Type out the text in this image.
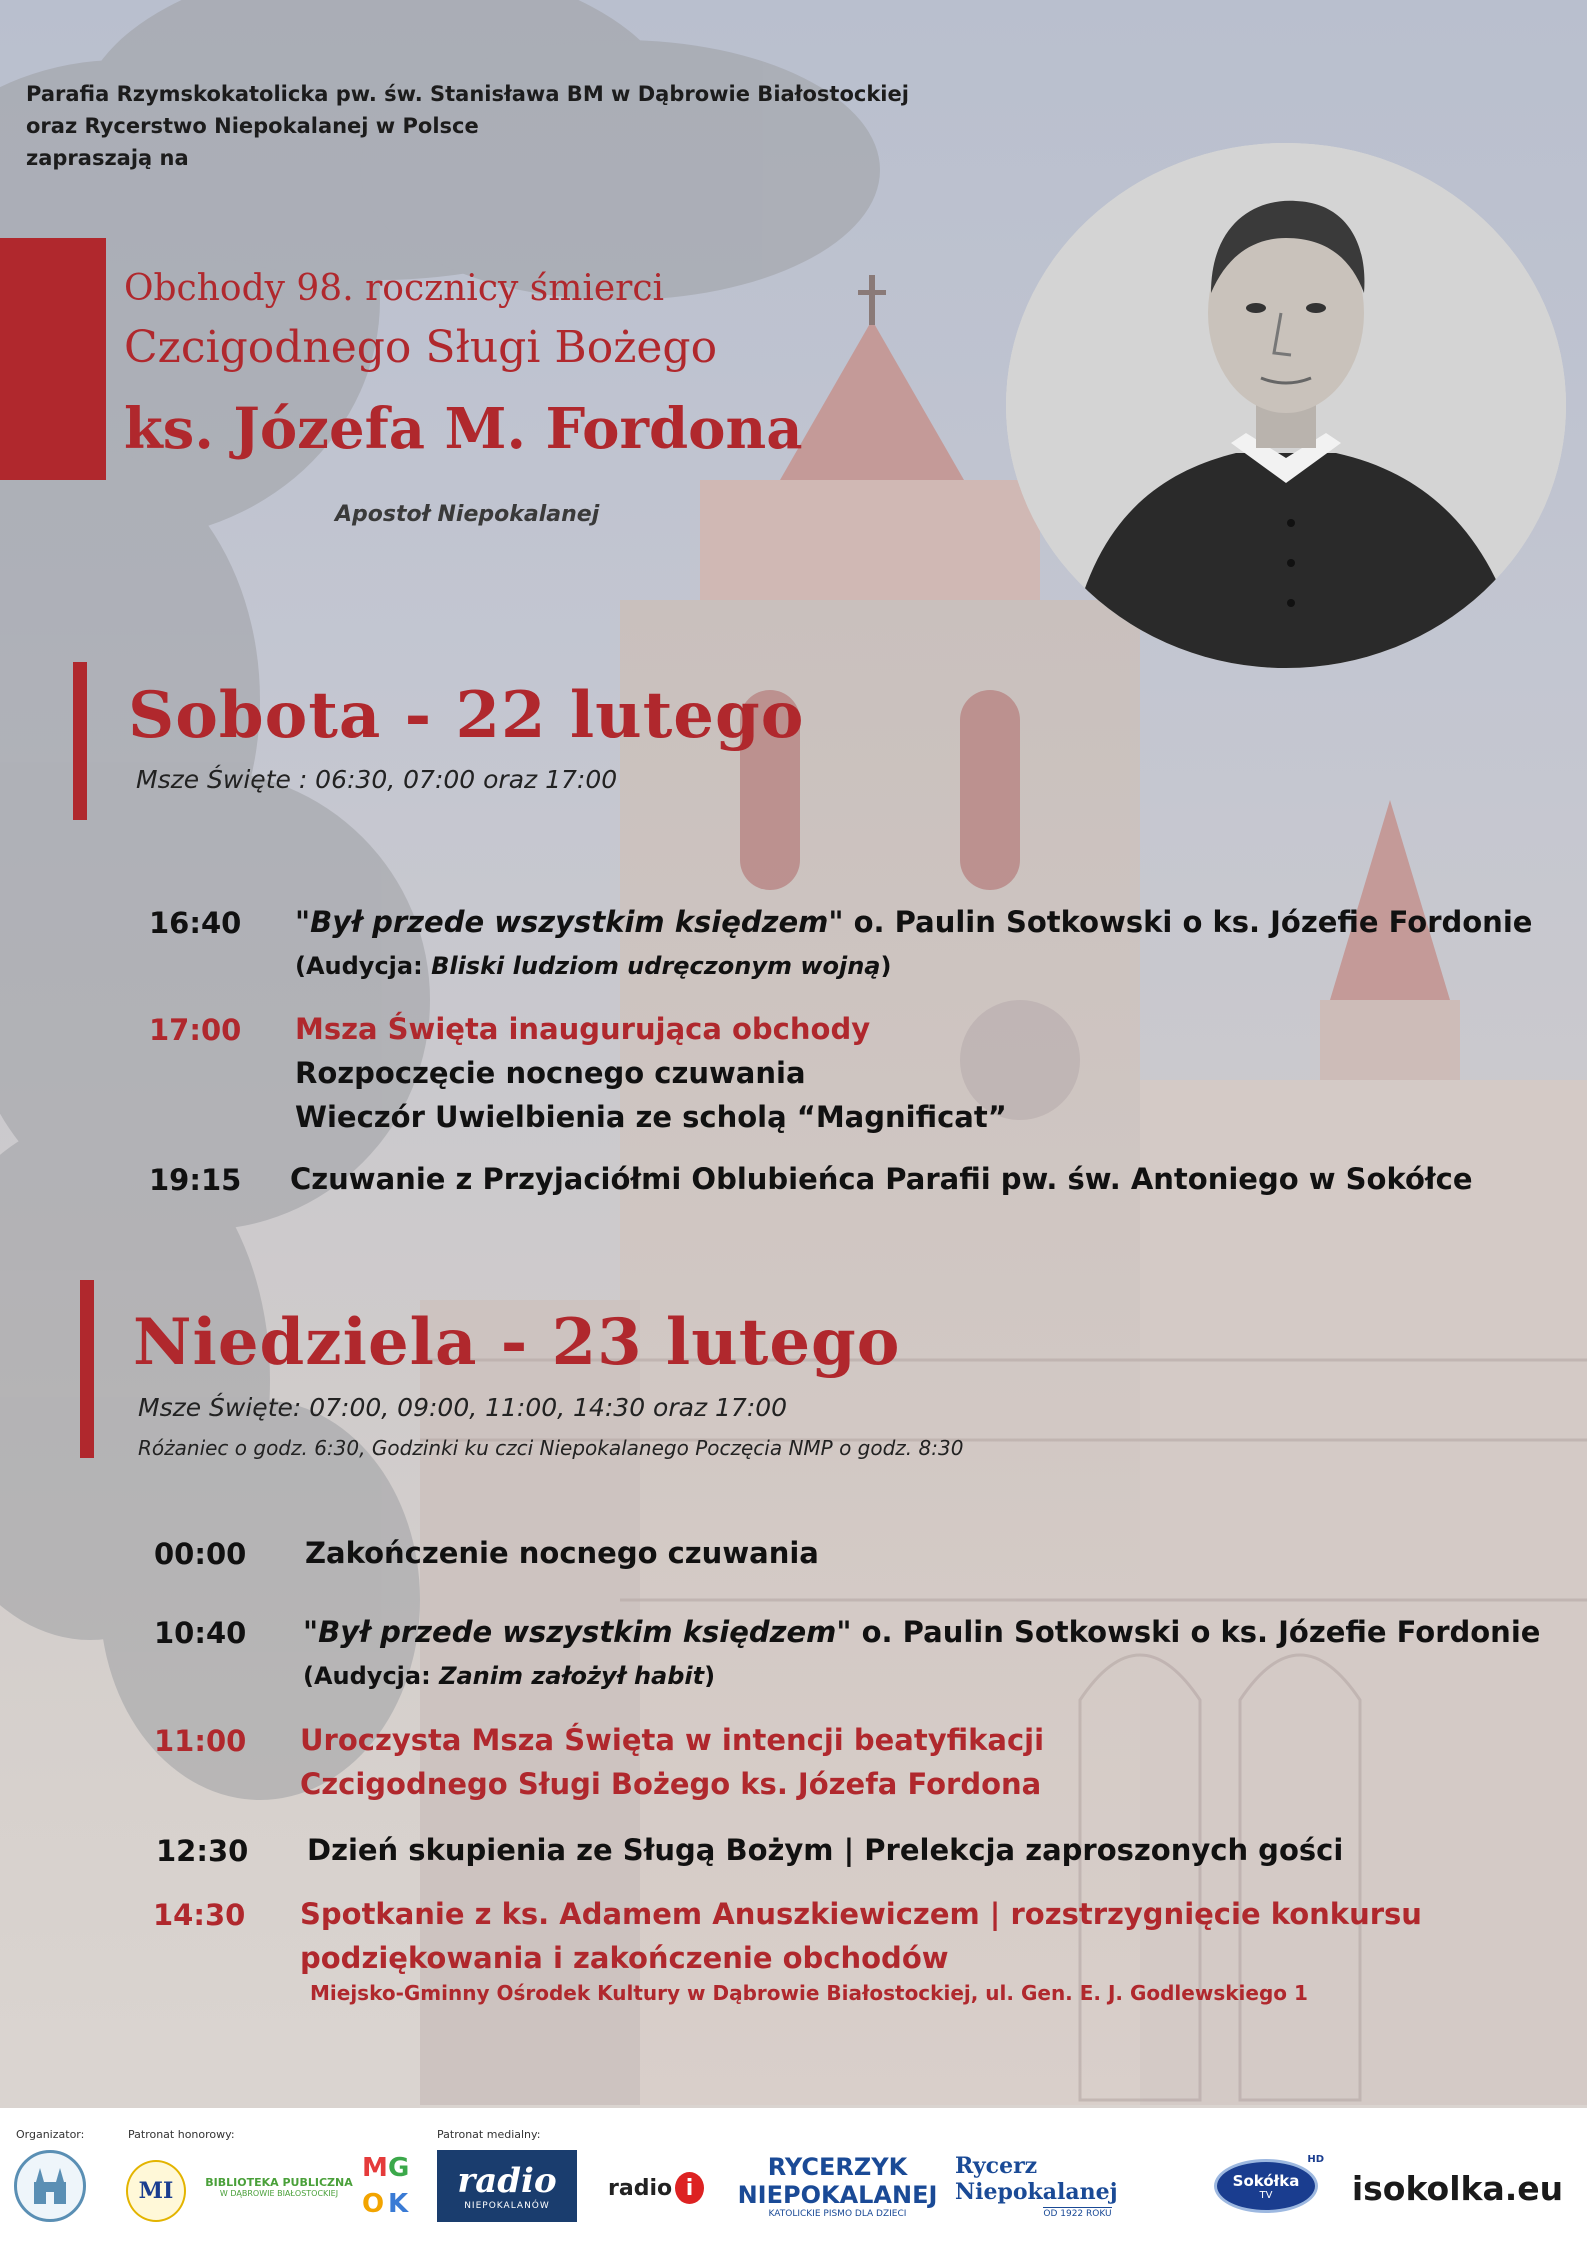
Parafia Rzymskokatolicka pw. św. Stanisława BM w Dąbrowie Białostockiej
oraz Rycerstwo Niepokalanej w Polsce
zapraszają na
Obchody 98. rocznicy śmierci
Czcigodnego Sługi Bożego
ks. Józefa M. Fordona
Apostoł Niepokalanej
Sobota - 22 lutego
Msze Święte : 06:30, 07:00 oraz 17:00
16:40 "Był przede wszystkim księdzem" o. Paulin Sotkowski o ks. Józefie Fordonie
(Audycja: Bliski ludziom udręczonym wojną)
17:00 Msza Święta inaugurująca obchody
Rozpoczęcie nocnego czuwania
Wieczór Uwielbienia ze scholą “Magnificat”
19:15 Czuwanie z Przyjaciółmi Oblubieńca Parafii pw. św. Antoniego w Sokółce
Niedziela - 23 lutego
Msze Święte: 07:00, 09:00, 11:00, 14:30 oraz 17:00
Różaniec o godz. 6:30, Godzinki ku czci Niepokalanego Poczęcia NMP o godz. 8:30
00:00 Zakończenie nocnego czuwania
10:40 "Był przede wszystkim księdzem" o. Paulin Sotkowski o ks. Józefie Fordonie
(Audycja: Zanim założył habit)
11:00 Uroczysta Msza Święta w intencji beatyfikacji
Czcigodnego Sługi Bożego ks. Józefa Fordona
12:30 Dzień skupienia ze Sługą Bożym | Prelekcja zaproszonych gości
14:30 Spotkanie z ks. Adamem Anuszkiewiczem | rozstrzygnięcie konkursu
podziękowania i zakończenie obchodów
Miejsko-Gminny Ośrodek Kultury w Dąbrowie Białostockiej, ul. Gen. E. J. Godlewskiego 1
Organizator:	Patronat honorowy:	Patronat medialny:
MI	BIBLIOTEKA PUBLICZNA
W DĄBROWIE BIAŁOSTOCKIEJ
M G
O K
radio
NIEPOKALANÓW
radio i
RYCERZYK
NIEPOKALANEJ
KATOLICKIE PISMO DLA DZIECI
Rycerz Niepokalanej
OD 1922 ROKU
Sokółka
TV
HD
isokolka.eu
